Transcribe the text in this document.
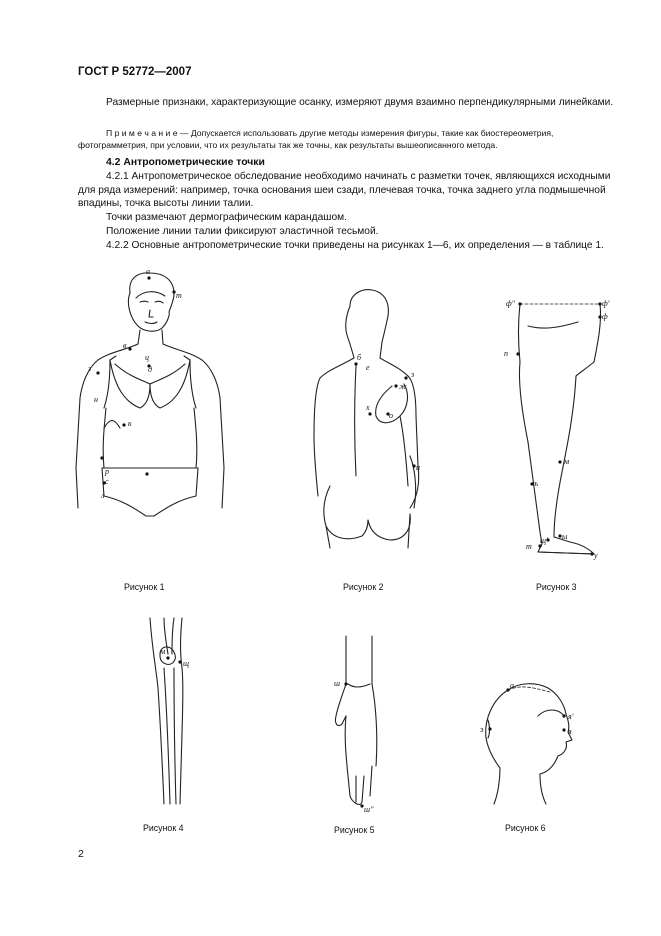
ГОСТ Р 52772—2007

Размерные признаки, характеризующие осанку, измеряют двумя взаимно перпендикулярными линейками.

П р и м е ч а н и е — Допускается использовать другие методы измерения фигуры, такие как биостереометрия, фотограмметрия, при условии, что их результаты так же точны, как результаты вышеописанного метода.
4.2 Антропометрические точки

4.2.1 Антропометрическое обследование необходимо начинать с разметки точек, являющихся исходными для ряда измерений: например, точка основания шеи сзади, плечевая точка, точка заднего угла подмышечной впадины, точка высоты линии талии.

Точки размечают дермографическим карандашом.

Положение линии талии фиксируют эластичной тесьмой.

4.2.2 Основные антропометрические точки приведены на рисунках 1—6, их определения — в таблице 1.

а
т
в
ц
д
з
н
к
р
с
л
Рисунок 1
б
е
з
ж
х
о
и
Рисунок 2
ф''	ф'
ф
п
м
ъ
т
щ' ы
у
Рисунок 3
м
щ
Рисунок 4
ш
ш''
Рисунок 5
а
я'
я
э
Рисунок 6
2
